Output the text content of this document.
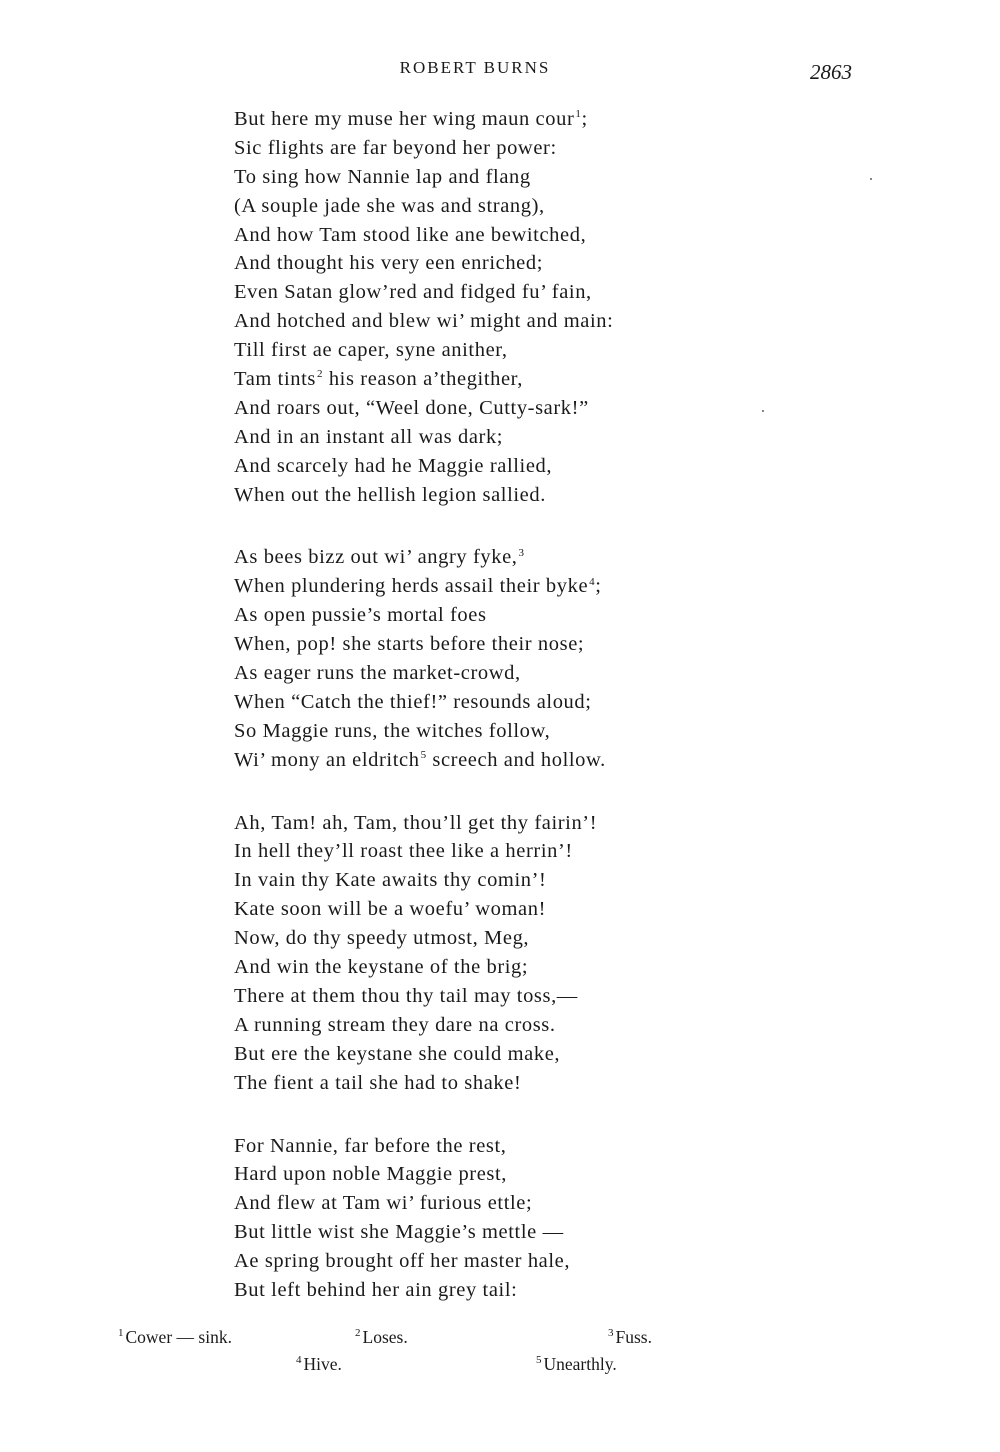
ROBERT BURNS	2863
But here my muse her wing maun cour$^1$;
Sic flights are far beyond her power:
To sing how Nannie lap and flang
(A souple jade she was and strang),
And how Tam stood like ane bewitched,
And thought his very een enriched;
Even Satan glow’red and fidged fu’ fain,
And hotched and blew wi’ might and main:
Till first ae caper, syne anither,
Tam tints$^2$ his reason a’thegither,
And roars out, “Weel done, Cutty-sark!”
And in an instant all was dark;
And scarcely had he Maggie rallied,
When out the hellish legion sallied.
As bees bizz out wi’ angry fyke,$^3$
When plundering herds assail their byke$^4$;
As open pussie’s mortal foes
When, pop! she starts before their nose;
As eager runs the market-crowd,
When “Catch the thief!” resounds aloud;
So Maggie runs, the witches follow,
Wi’ mony an eldritch$^5$ screech and hollow.
Ah, Tam! ah, Tam, thou’ll get thy fairin’!
In hell they’ll roast thee like a herrin’!
In vain thy Kate awaits thy comin’!
Kate soon will be a woefu’ woman!
Now, do thy speedy utmost, Meg,
And win the keystane of the brig;
There at them thou thy tail may toss,—
A running stream they dare na cross.
But ere the keystane she could make,
The fient a tail she had to shake!
For Nannie, far before the rest,
Hard upon noble Maggie prest,
And flew at Tam wi’ furious ettle;
But little wist she Maggie’s mettle —
Ae spring brought off her master hale,
But left behind her ain grey tail:
$^1$ Cower — sink.	$^2$ Loses.	$^3$ Fuss.
$^4$ Hive.	$^5$ Unearthly.
